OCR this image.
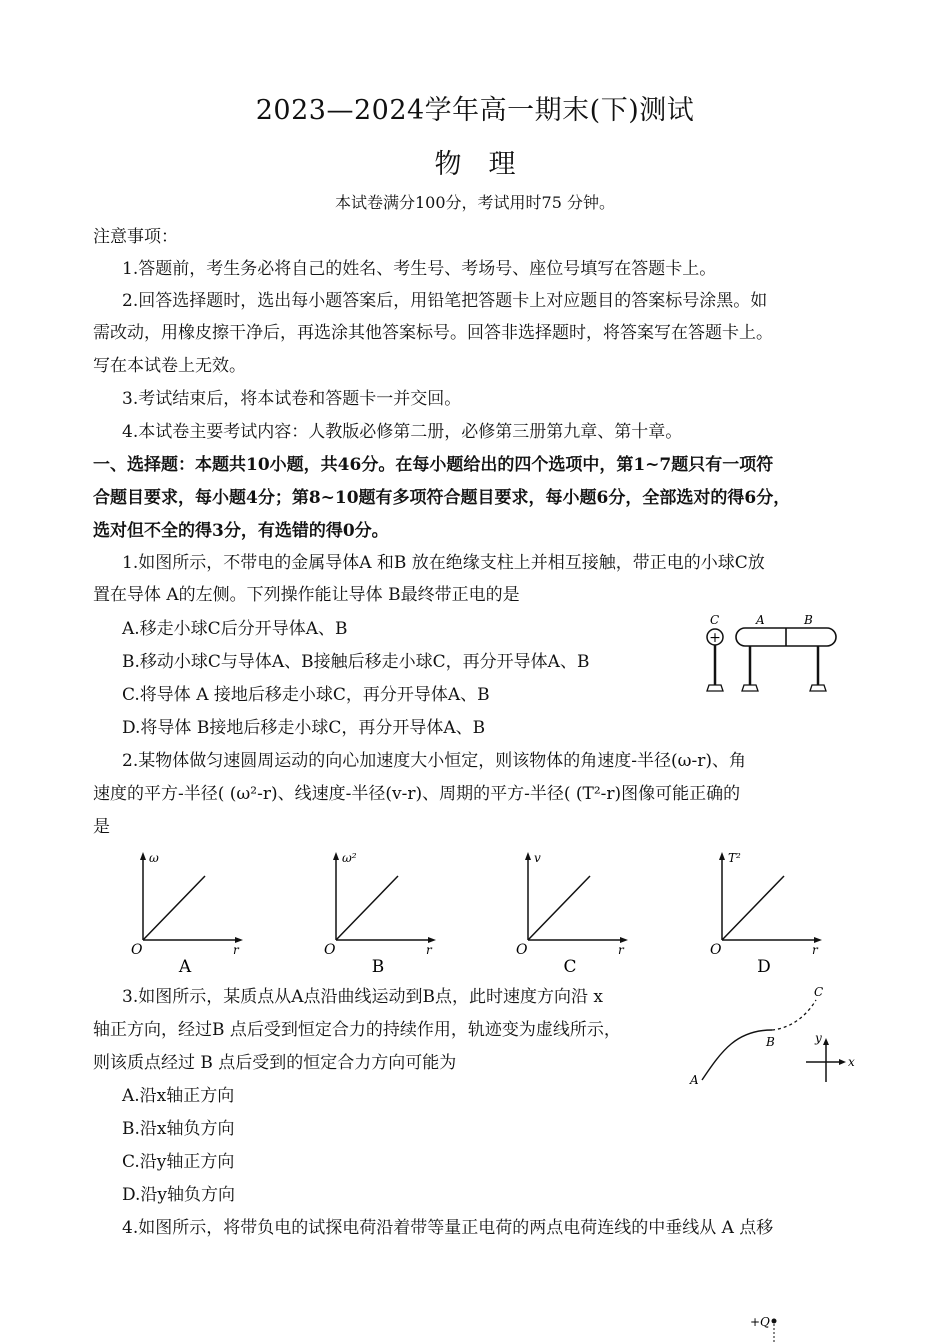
2023—2024学年高一期末(下)测试
物　理
本试卷满分100分，考试用时75 分钟。
注意事项：
1.答题前，考生务必将自己的姓名、考生号、考场号、座位号填写在答题卡上。
2.回答选择题时，选出每小题答案后，用铅笔把答题卡上对应题目的答案标号涂黑。如
需改动，用橡皮擦干净后，再选涂其他答案标号。回答非选择题时，将答案写在答题卡上。
写在本试卷上无效。
3.考试结束后，将本试卷和答题卡一并交回。
4.本试卷主要考试内容：人教版必修第二册，必修第三册第九章、第十章。
一、选择题：本题共10小题，共46分。在每小题给出的四个选项中，第1~7题只有一项符
合题目要求，每小题4分；第8~10题有多项符合题目要求，每小题6分，全部选对的得6分，
选对但不全的得3分，有选错的得0分。
1.如图所示，不带电的金属导体A 和B 放在绝缘支柱上并相互接触，带正电的小球C放
置在导体 A的左侧。下列操作能让导体 B最终带正电的是
A.移走小球C后分开导体A、B
B.移动小球C与导体A、B接触后移走小球C，再分开导体A、B
C.将导体 A 接地后移走小球C，再分开导体A、B
D.将导体 B接地后移走小球C，再分开导体A、B
C	A	B
+
2.某物体做匀速圆周运动的向心加速度大小恒定，则该物体的角速度-半径(ω-r)、角
速度的平方-半径( (ω²-r)、线速度-半径(v-r)、周期的平方-半径( (T²-r)图像可能正确的
是
ω
r
O
A
ω²
r
O
B
v
r
O
C
T²
r
O
D
3.如图所示，某质点从A点沿曲线运动到B点，此时速度方向沿 x
轴正方向，经过B 点后受到恒定合力的持续作用，轨迹变为虚线所示，
则该质点经过 B 点后受到的恒定合力方向可能为
A.沿x轴正方向
B.沿x轴负方向
C.沿y轴正方向
D.沿y轴负方向
A
B
C
x
y
4.如图所示，将带负电的试探电荷沿着带等量正电荷的两点电荷连线的中垂线从 A 点移
+Q
